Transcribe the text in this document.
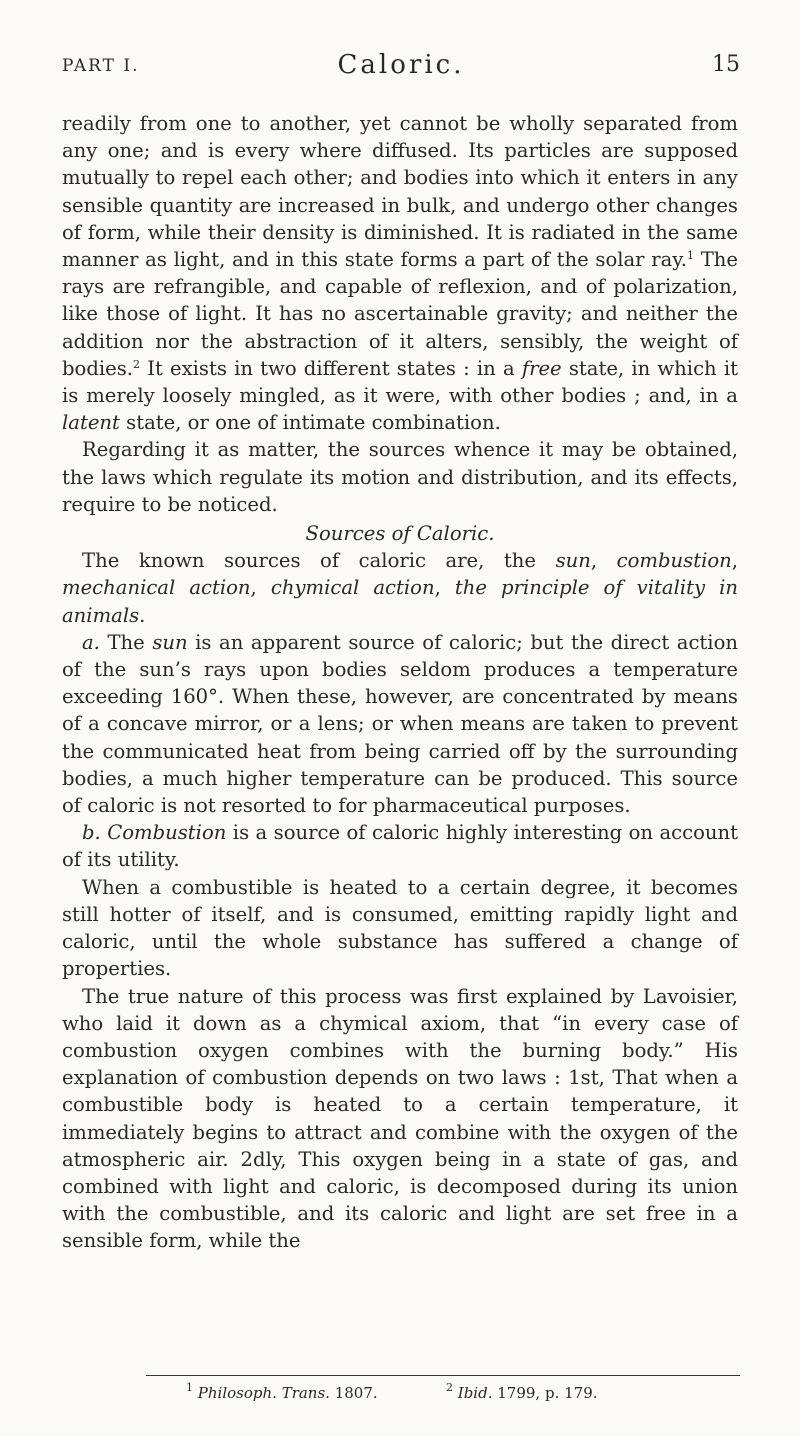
PART I.	Caloric.	15

readily from one to another, yet cannot be wholly separated from any one; and is every where diffused. Its particles are supposed mutually to repel each other; and bodies into which it enters in any sensible quantity are increased in bulk, and undergo other changes of form, while their density is diminished. It is radiated in the same manner as light, and in this state forms a part of the solar ray.$^1$ The rays are refrangible, and capable of reflexion, and of polarization, like those of light. It has no ascertainable gravity; and neither the addition nor the abstraction of it alters, sensibly, the weight of bodies.$^2$ It exists in two different states : in a free state, in which it is merely loosely mingled, as it were, with other bodies ; and, in a latent state, or one of intimate combination.

Regarding it as matter, the sources whence it may be obtained, the laws which regulate its motion and distribution, and its effects, require to be noticed.

Sources of Caloric.

The known sources of caloric are, the sun, combustion, mechanical action, chymical action, the principle of vitality in animals.

a. The sun is an apparent source of caloric; but the direct action of the sun’s rays upon bodies seldom produces a temperature exceeding 160°. When these, however, are concentrated by means of a concave mirror, or a lens; or when means are taken to prevent the communicated heat from being carried off by the surrounding bodies, a much higher temperature can be produced. This source of caloric is not resorted to for pharmaceutical purposes.

b. Combustion is a source of caloric highly interesting on account of its utility.

When a combustible is heated to a certain degree, it becomes still hotter of itself, and is consumed, emitting rapidly light and caloric, until the whole substance has suffered a change of properties.

The true nature of this process was first explained by Lavoisier, who laid it down as a chymical axiom, that “in every case of combustion oxygen combines with the burning body.” His explanation of combustion depends on two laws : 1st, That when a combustible body is heated to a certain temperature, it immediately begins to attract and combine with the oxygen of the atmospheric air. 2dly, This oxygen being in a state of gas, and combined with light and caloric, is decomposed during its union with the combustible, and its caloric and light are set free in a sensible form, while the

$^1$ Philosoph. Trans. 1807.	$^2$ Ibid. 1799, p. 179.
